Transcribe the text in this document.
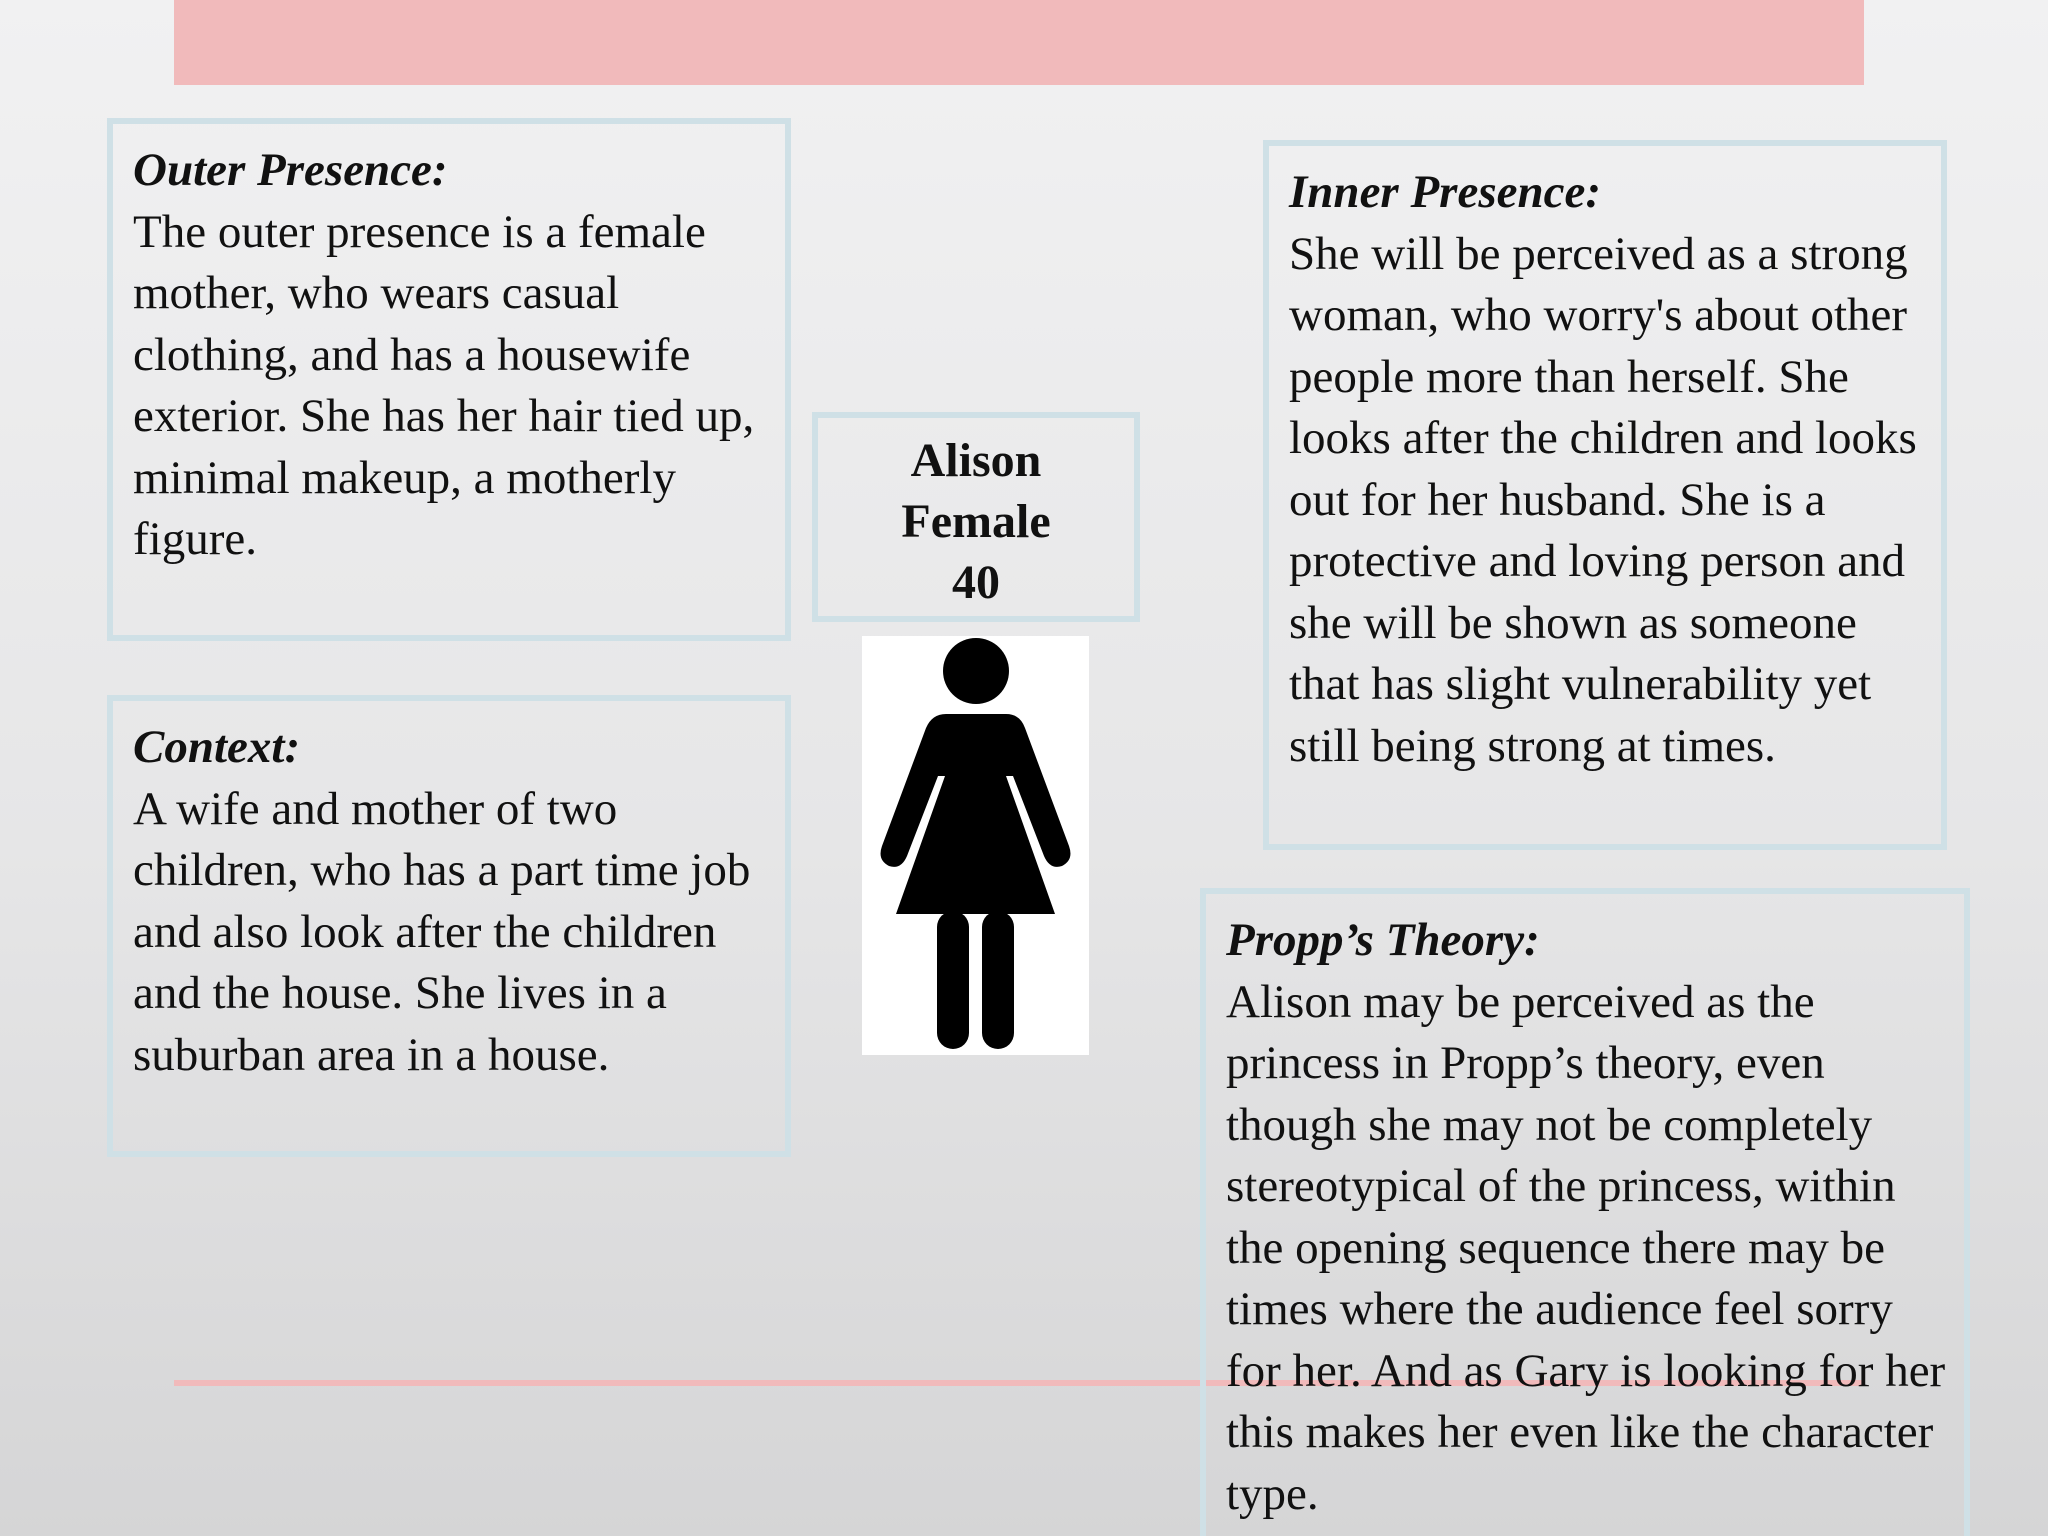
Outer Presence:
The outer presence is a female mother, who wears casual clothing, and has a housewife exterior. She has her hair tied up, minimal makeup, a motherly figure.
Context:
A wife and mother of two children, who has a part time job and also look after the children and the house. She lives in a suburban area in a house.
Alison
Female
40
Inner Presence:
She will be perceived as a strong woman, who worry's about other people more than herself. She looks after the children and looks out for her husband. She is a protective and loving person and she will be shown as someone that has slight vulnerability yet still being strong at times.
Propp’s Theory:
Alison may be perceived as the princess in Propp’s theory, even though she may not be completely stereotypical of the princess, within the opening sequence there may be times where the audience feel sorry for her. And as Gary is looking for her this makes her even like the character type.
